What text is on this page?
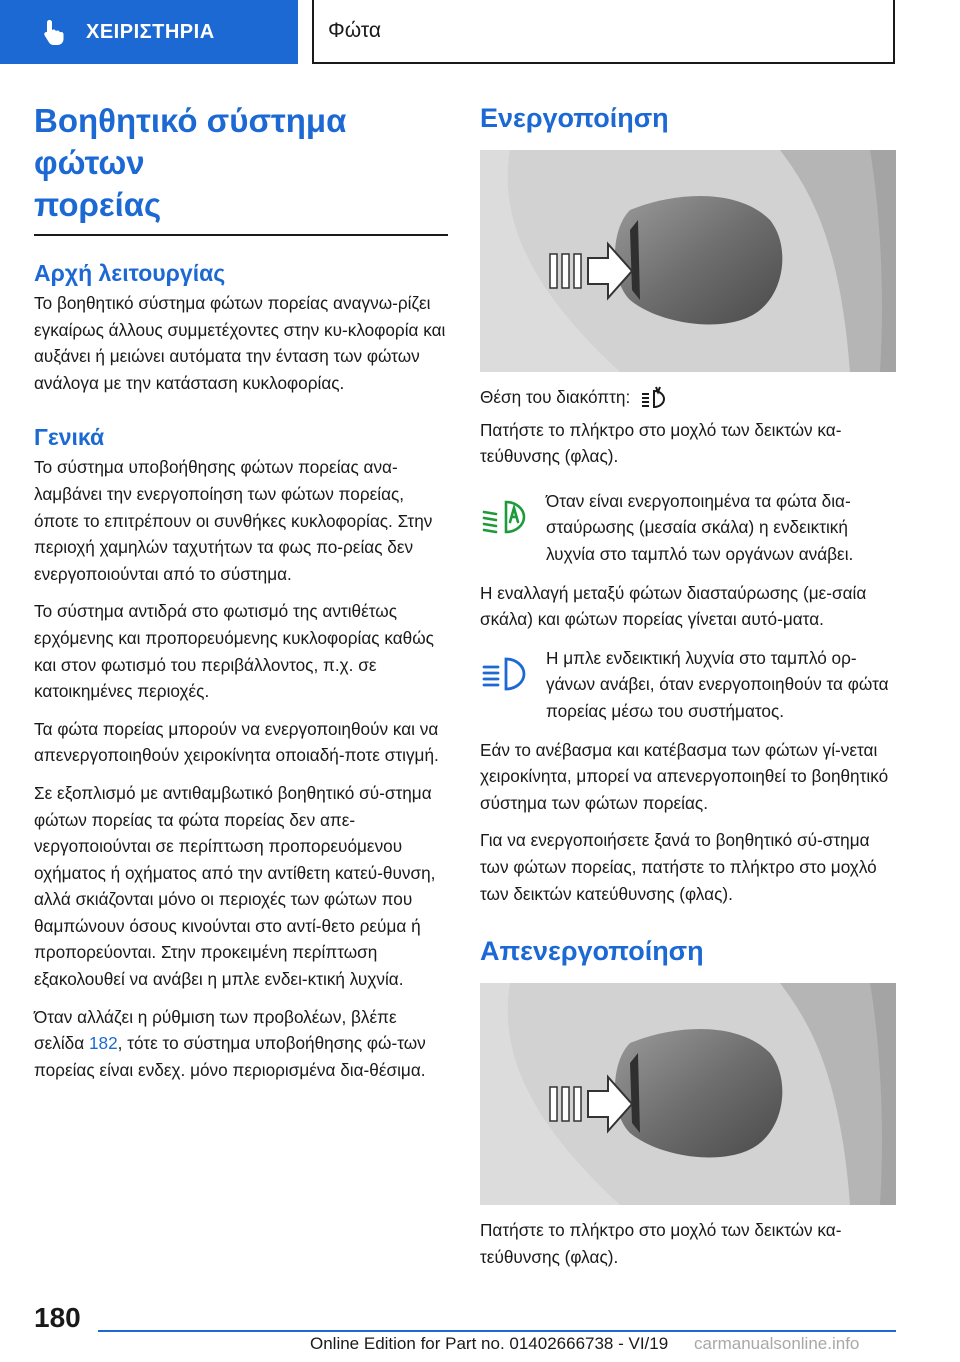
ΧΕΙΡΙΣΤΗΡΙΑ	Φώτα
Βοηθητικό σύστημα φώτων
πορείας
Αρχή λειτουργίας

Το βοηθητικό σύστημα φώτων πορείας αναγνω-ρίζει εγκαίρως άλλους συμμετέχοντες στην κυ-κλοφορία και αυξάνει ή μειώνει αυτόματα την ένταση των φώτων ανάλογα με την κατάσταση κυκλοφορίας.

Γενικά

Το σύστημα υποβοήθησης φώτων πορείας ανα-λαμβάνει την ενεργοποίηση των φώτων πορείας, όποτε το επιτρέπουν οι συνθήκες κυκλοφορίας. Στην περιοχή χαμηλών ταχυτήτων τα φως πο-ρείας δεν ενεργοποιούνται από το σύστημα.

Το σύστημα αντιδρά στο φωτισμό της αντιθέτως ερχόμενης και προπορευόμενης κυκλοφορίας καθώς και στον φωτισμό του περιβάλλοντος, π.χ. σε κατοικημένες περιοχές.

Τα φώτα πορείας μπορούν να ενεργοποιηθούν και να απενεργοποιηθούν χειροκίνητα οποιαδή-ποτε στιγμή.

Σε εξοπλισμό με αντιθαμβωτικό βοηθητικό σύ-στημα φώτων πορείας τα φώτα πορείας δεν απε-νεργοποιούνται σε περίπτωση προπορευόμενου οχήματος ή οχήματος από την αντίθετη κατεύ-θυνση, αλλά σκιάζονται μόνο οι περιοχές των φώτων που θαμπώνουν όσους κινούνται στο αντί-θετο ρεύμα ή προπορεύονται. Στην προκειμένη περίπτωση εξακολουθεί να ανάβει η μπλε ενδει-κτική λυχνία.

Όταν αλλάζει η ρύθμιση των προβολέων, βλέπε σελίδα 182, τότε το σύστημα υποβοήθησης φώ-των πορείας είναι ενδεχ. μόνο περιορισμένα δια-θέσιμα.

Ενεργοποίηση

Θέση του διακόπτη:

Πατήστε το πλήκτρο στο μοχλό των δεικτών κα-τεύθυνσης (φλας).

Όταν είναι ενεργοποιημένα τα φώτα δια-σταύρωσης (μεσαία σκάλα) η ενδεικτική λυχνία στο ταμπλό των οργάνων ανάβει.

Η εναλλαγή μεταξύ φώτων διασταύρωσης (με-σαία σκάλα) και φώτων πορείας γίνεται αυτό-ματα.

Η μπλε ενδεικτική λυχνία στο ταμπλό ορ-γάνων ανάβει, όταν ενεργοποιηθούν τα φώτα πορείας μέσω του συστήματος.

Εάν το ανέβασμα και κατέβασμα των φώτων γί-νεται χειροκίνητα, μπορεί να απενεργοποιηθεί το βοηθητικό σύστημα των φώτων πορείας.

Για να ενεργοποιήσετε ξανά το βοηθητικό σύ-στημα των φώτων πορείας, πατήστε το πλήκτρο στο μοχλό των δεικτών κατεύθυνσης (φλας).

Απενεργοποίηση

Πατήστε το πλήκτρο στο μοχλό των δεικτών κα-τεύθυνσης (φλας).

180
Online Edition for Part no. 01402666738 - VI/19 carmanualsonline.info
